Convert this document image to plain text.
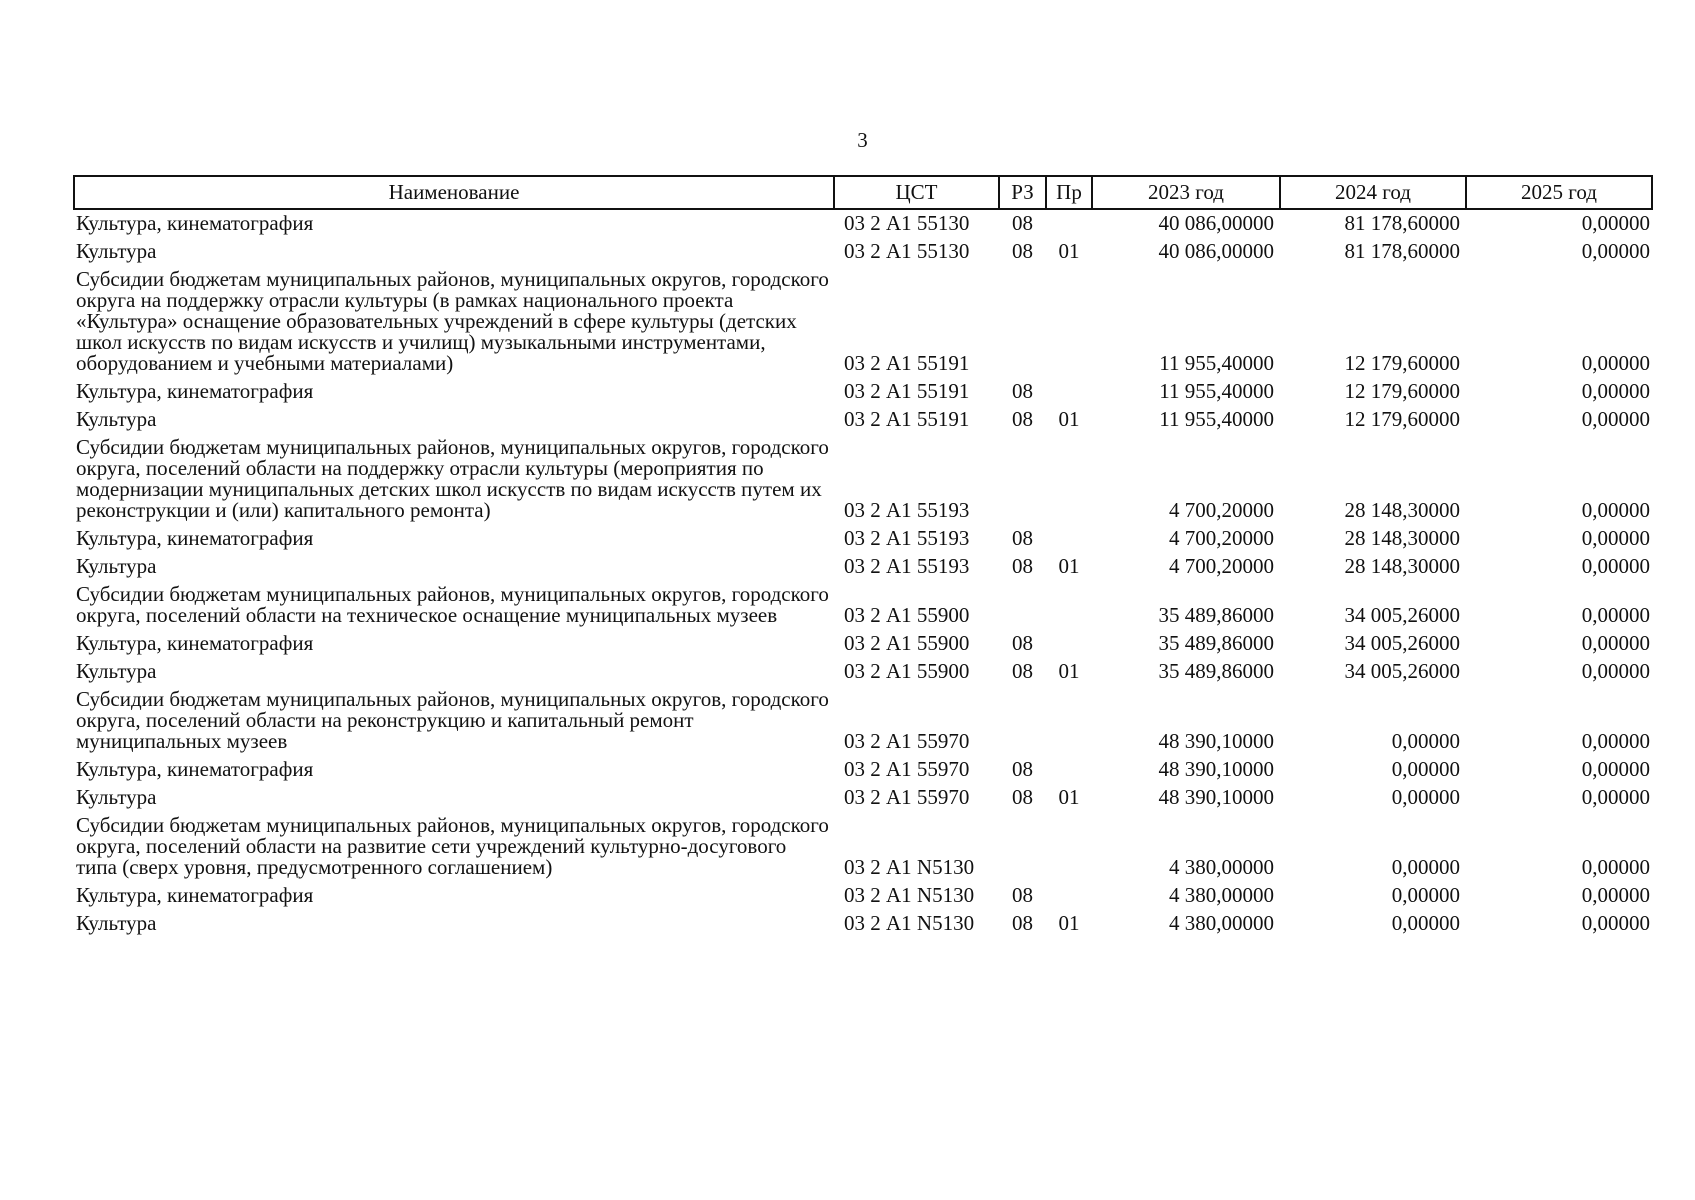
3
Наименование	ЦСТ	РЗ	Пр	2023 год	2024 год	2025 год
Культура, кинематография	03 2 А1 55130	08		40 086,00000	81 178,60000	0,00000
Культура	03 2 А1 55130	08	01	40 086,00000	81 178,60000	0,00000
Субсидии бюджетам муниципальных районов, муниципальных округов, городского округа на поддержку отрасли культуры (в рамках национального проекта «Культура» оснащение образовательных учреждений в сфере культуры (детских школ искусств по видам искусств и училищ) музыкальными инструментами, оборудованием и учебными материалами)	03 2 А1 55191			11 955,40000	12 179,60000	0,00000
Культура, кинематография	03 2 А1 55191	08		11 955,40000	12 179,60000	0,00000
Культура	03 2 А1 55191	08	01	11 955,40000	12 179,60000	0,00000
Субсидии бюджетам муниципальных районов, муниципальных округов, городского округа, поселений области на поддержку отрасли культуры (мероприятия по модернизации муниципальных детских школ искусств по видам искусств путем их реконструкции и (или) капитального ремонта)	03 2 А1 55193			4 700,20000	28 148,30000	0,00000
Культура, кинематография	03 2 А1 55193	08		4 700,20000	28 148,30000	0,00000
Культура	03 2 А1 55193	08	01	4 700,20000	28 148,30000	0,00000
Субсидии бюджетам муниципальных районов, муниципальных округов, городского округа, поселений области на техническое оснащение муниципальных музеев	03 2 А1 55900			35 489,86000	34 005,26000	0,00000
Культура, кинематография	03 2 А1 55900	08		35 489,86000	34 005,26000	0,00000
Культура	03 2 А1 55900	08	01	35 489,86000	34 005,26000	0,00000
Субсидии бюджетам муниципальных районов, муниципальных округов, городского округа, поселений области на реконструкцию и капитальный ремонт муниципальных музеев	03 2 А1 55970			48 390,10000	0,00000	0,00000
Культура, кинематография	03 2 А1 55970	08		48 390,10000	0,00000	0,00000
Культура	03 2 А1 55970	08	01	48 390,10000	0,00000	0,00000
Субсидии бюджетам муниципальных районов, муниципальных округов, городского округа, поселений области на развитие сети учреждений культурно-досугового типа (сверх уровня, предусмотренного соглашением)	03 2 А1 N5130			4 380,00000	0,00000	0,00000
Культура, кинематография	03 2 А1 N5130	08		4 380,00000	0,00000	0,00000
Культура	03 2 А1 N5130	08	01	4 380,00000	0,00000	0,00000
